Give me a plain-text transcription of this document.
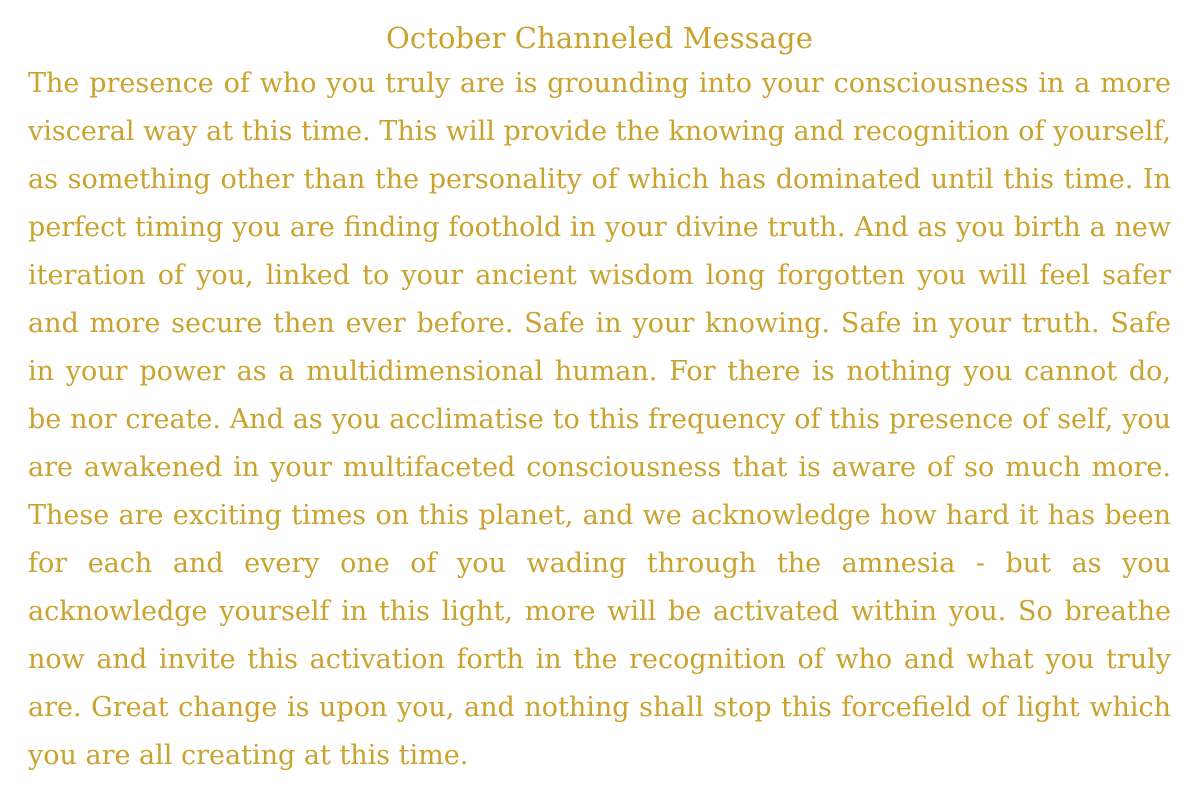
October Channeled Message

The presence of who you truly are is grounding into your consciousness in a more visceral way at this time. This will provide the knowing and recognition of yourself, as something other than the personality of which has dominated until this time. In perfect timing you are finding foothold in your divine truth. And as you birth a new iteration of you, linked to your ancient wisdom long forgotten you will feel safer and more secure then ever before. Safe in your knowing. Safe in your truth. Safe in your power as a multidimensional human. For there is nothing you cannot do, be nor create. And as you acclimatise to this frequency of this presence of self, you are awakened in your multifaceted consciousness that is aware of so much more. These are exciting times on this planet, and we acknowledge how hard it has been for each and every one of you wading through the amnesia - but as you acknowledge yourself in this light, more will be activated within you. So breathe now and invite this activation forth in the recognition of who and what you truly are. Great change is upon you, and nothing shall stop this forcefield of light which you are all creating at this time.
